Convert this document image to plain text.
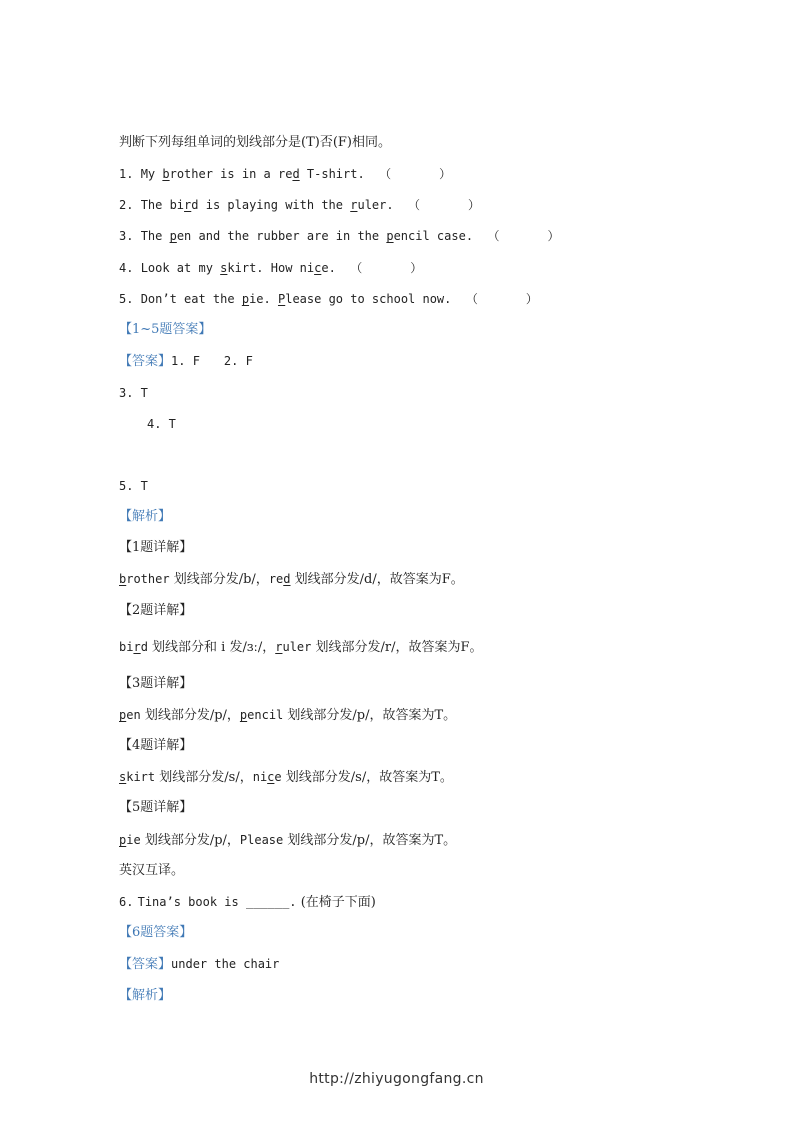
判断下列每组单词的划线部分是(T)否(F)相同。
1. My brother is in a red T-shirt. （　　　　）
2. The bird is playing with the ruler. （　　　　）
3. The pen and the rubber are in the pencil case. （　　　　）
4. Look at my skirt. How nice. （　　　　）
5. Don’t eat the pie. Please go to school now. （　　　　）
【1~5题答案】
【答案】1. F　　2. F
3. T
4. T
5. T
【解析】
【1题详解】
brother 划线部分发/b/，red 划线部分发/d/，故答案为F。
【2题详解】
bird 划线部分和 i 发/ɜː/，ruler 划线部分发/r/，故答案为F。
【3题详解】
pen 划线部分发/p/，pencil 划线部分发/p/，故答案为T。
【4题详解】
skirt 划线部分发/s/，nice 划线部分发/s/，故答案为T。
【5题详解】
pie 划线部分发/p/，Please 划线部分发/p/，故答案为T。
英汉互译。
6. Tina’s book is ______. (在椅子下面)
【6题答案】
【答案】under the chair
【解析】
http://zhiyugongfang.cn
